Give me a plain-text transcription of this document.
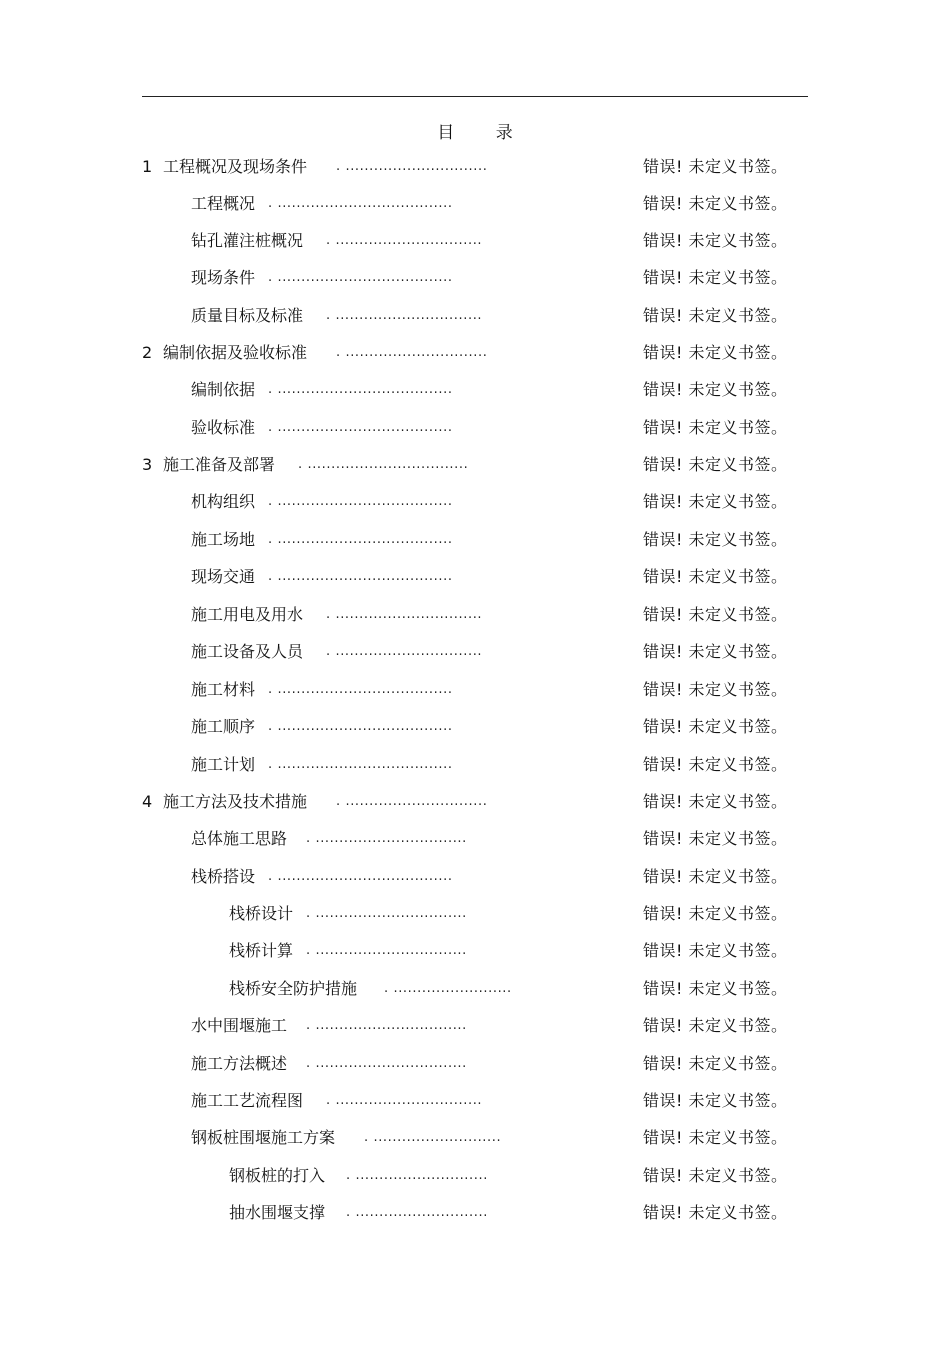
目 录
1 工程概况及现场条件 . ..............................	错误! 未定义书签。
工程概况 . .....................................	错误! 未定义书签。
钻孔灌注桩概况 . ...............................	错误! 未定义书签。
现场条件 . .....................................	错误! 未定义书签。
质量目标及标准 . ...............................	错误! 未定义书签。
2 编制依据及验收标准 . ..............................	错误! 未定义书签。
编制依据 . .....................................	错误! 未定义书签。
验收标准 . .....................................	错误! 未定义书签。
3 施工准备及部署 . ..................................	错误! 未定义书签。
机构组织 . .....................................	错误! 未定义书签。
施工场地 . .....................................	错误! 未定义书签。
现场交通 . .....................................	错误! 未定义书签。
施工用电及用水 . ...............................	错误! 未定义书签。
施工设备及人员 . ...............................	错误! 未定义书签。
施工材料 . .....................................	错误! 未定义书签。
施工顺序 . .....................................	错误! 未定义书签。
施工计划 . .....................................	错误! 未定义书签。
4 施工方法及技术措施 . ..............................	错误! 未定义书签。
总体施工思路 . ................................	错误! 未定义书签。
栈桥搭设 . .....................................	错误! 未定义书签。
栈桥设计 . ................................	错误! 未定义书签。
栈桥计算 . ................................	错误! 未定义书签。
栈桥安全防护措施 . .........................	错误! 未定义书签。
水中围堰施工 . ................................	错误! 未定义书签。
施工方法概述 . ................................	错误! 未定义书签。
施工工艺流程图 . ...............................	错误! 未定义书签。
钢板桩围堰施工方案 . ...........................	错误! 未定义书签。
钢板桩的打入 . ............................	错误! 未定义书签。
抽水围堰支撑 . ............................	错误! 未定义书签。
